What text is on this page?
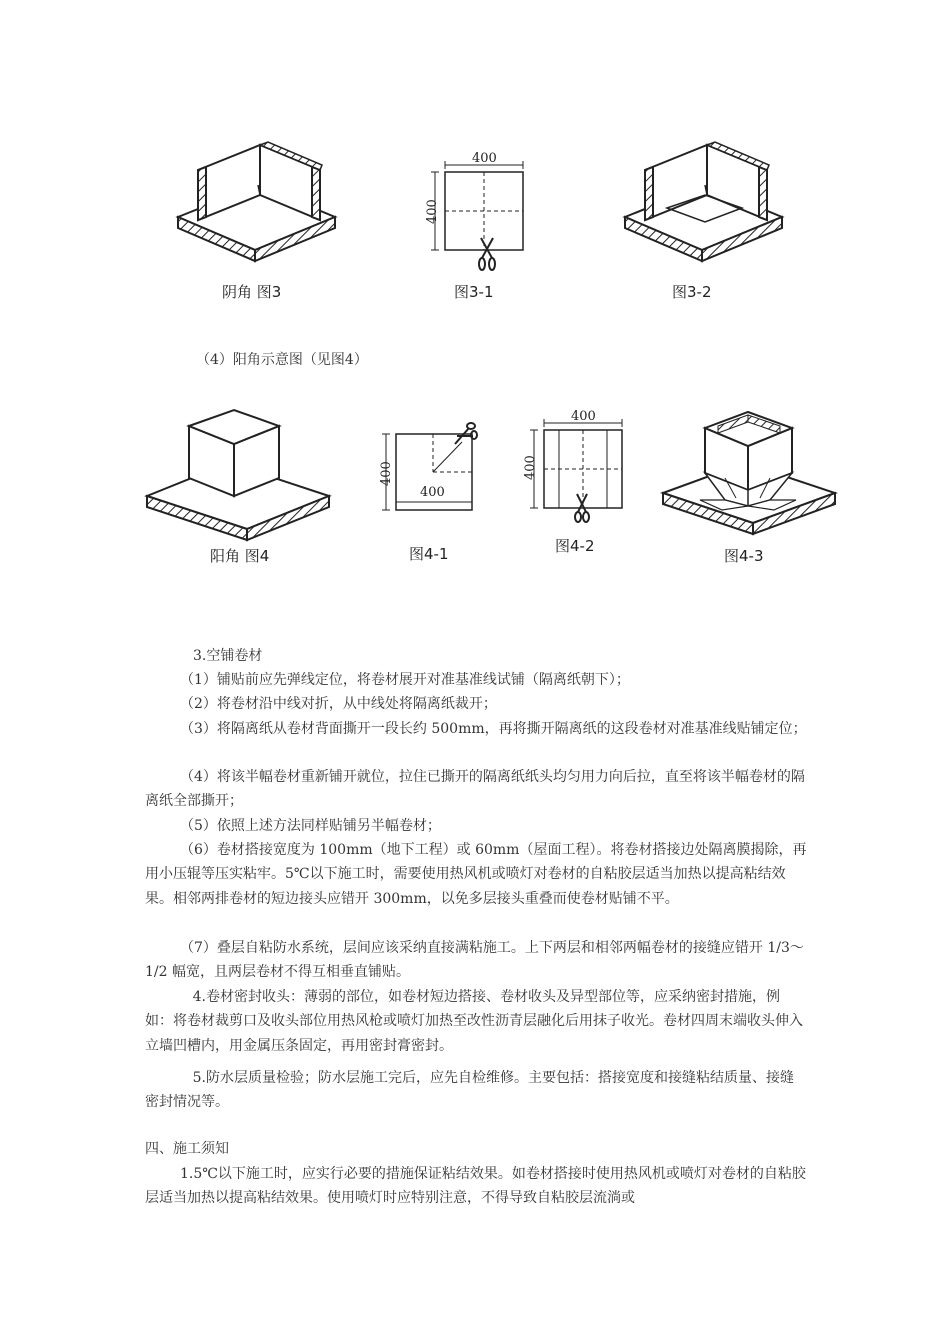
阴角 图3
400
400
图3-1	图3-2
（4）阳角示意图（见图4）
阳角 图4
400
400
图4-1
400
400
图4-2
图4-3
3.空铺卷材
（1）铺贴前应先弹线定位，将卷材展开对准基准线试铺（隔离纸朝下）；
（2）将卷材沿中线对折，从中线处将隔离纸裁开；
（3）将隔离纸从卷材背面撕开一段长约 500mm，再将撕开隔离纸的这段卷材对准基准线贴铺定位；
（4）将该半幅卷材重新铺开就位，拉住已撕开的隔离纸纸头均匀用力向后拉，直至将该半幅卷材的隔离纸全部撕开；
（5）依照上述方法同样贴铺另半幅卷材；
（6）卷材搭接宽度为 100mm（地下工程）或 60mm（屋面工程）。将卷材搭接边处隔离膜揭除，再用小压辊等压实粘牢。5℃以下施工时，需要使用热风机或喷灯对卷材的自粘胶层适当加热以提高粘结效果。相邻两排卷材的短边接头应错开 300mm，以免多层接头重叠而使卷材贴铺不平。
（7）叠层自粘防水系统，层间应该采纳直接满粘施工。上下两层和相邻两幅卷材的接缝应错开 1/3～1/2 幅宽，且两层卷材不得互相垂直铺贴。
4.卷材密封收头：薄弱的部位，如卷材短边搭接、卷材收头及异型部位等，应采纳密封措施，例如：将卷材裁剪口及收头部位用热风枪或喷灯加热至改性沥青层融化后用抹子收光。卷材四周末端收头伸入立墙凹槽内，用金属压条固定，再用密封膏密封。
5.防水层质量检验；防水层施工完后，应先自检维修。主要包括：搭接宽度和接缝粘结质量、接缝密封情况等。
四、施工须知
1.5℃以下施工时，应实行必要的措施保证粘结效果。如卷材搭接时使用热风机或喷灯对卷材的自粘胶层适当加热以提高粘结效果。使用喷灯时应特别注意，不得导致自粘胶层流淌或
